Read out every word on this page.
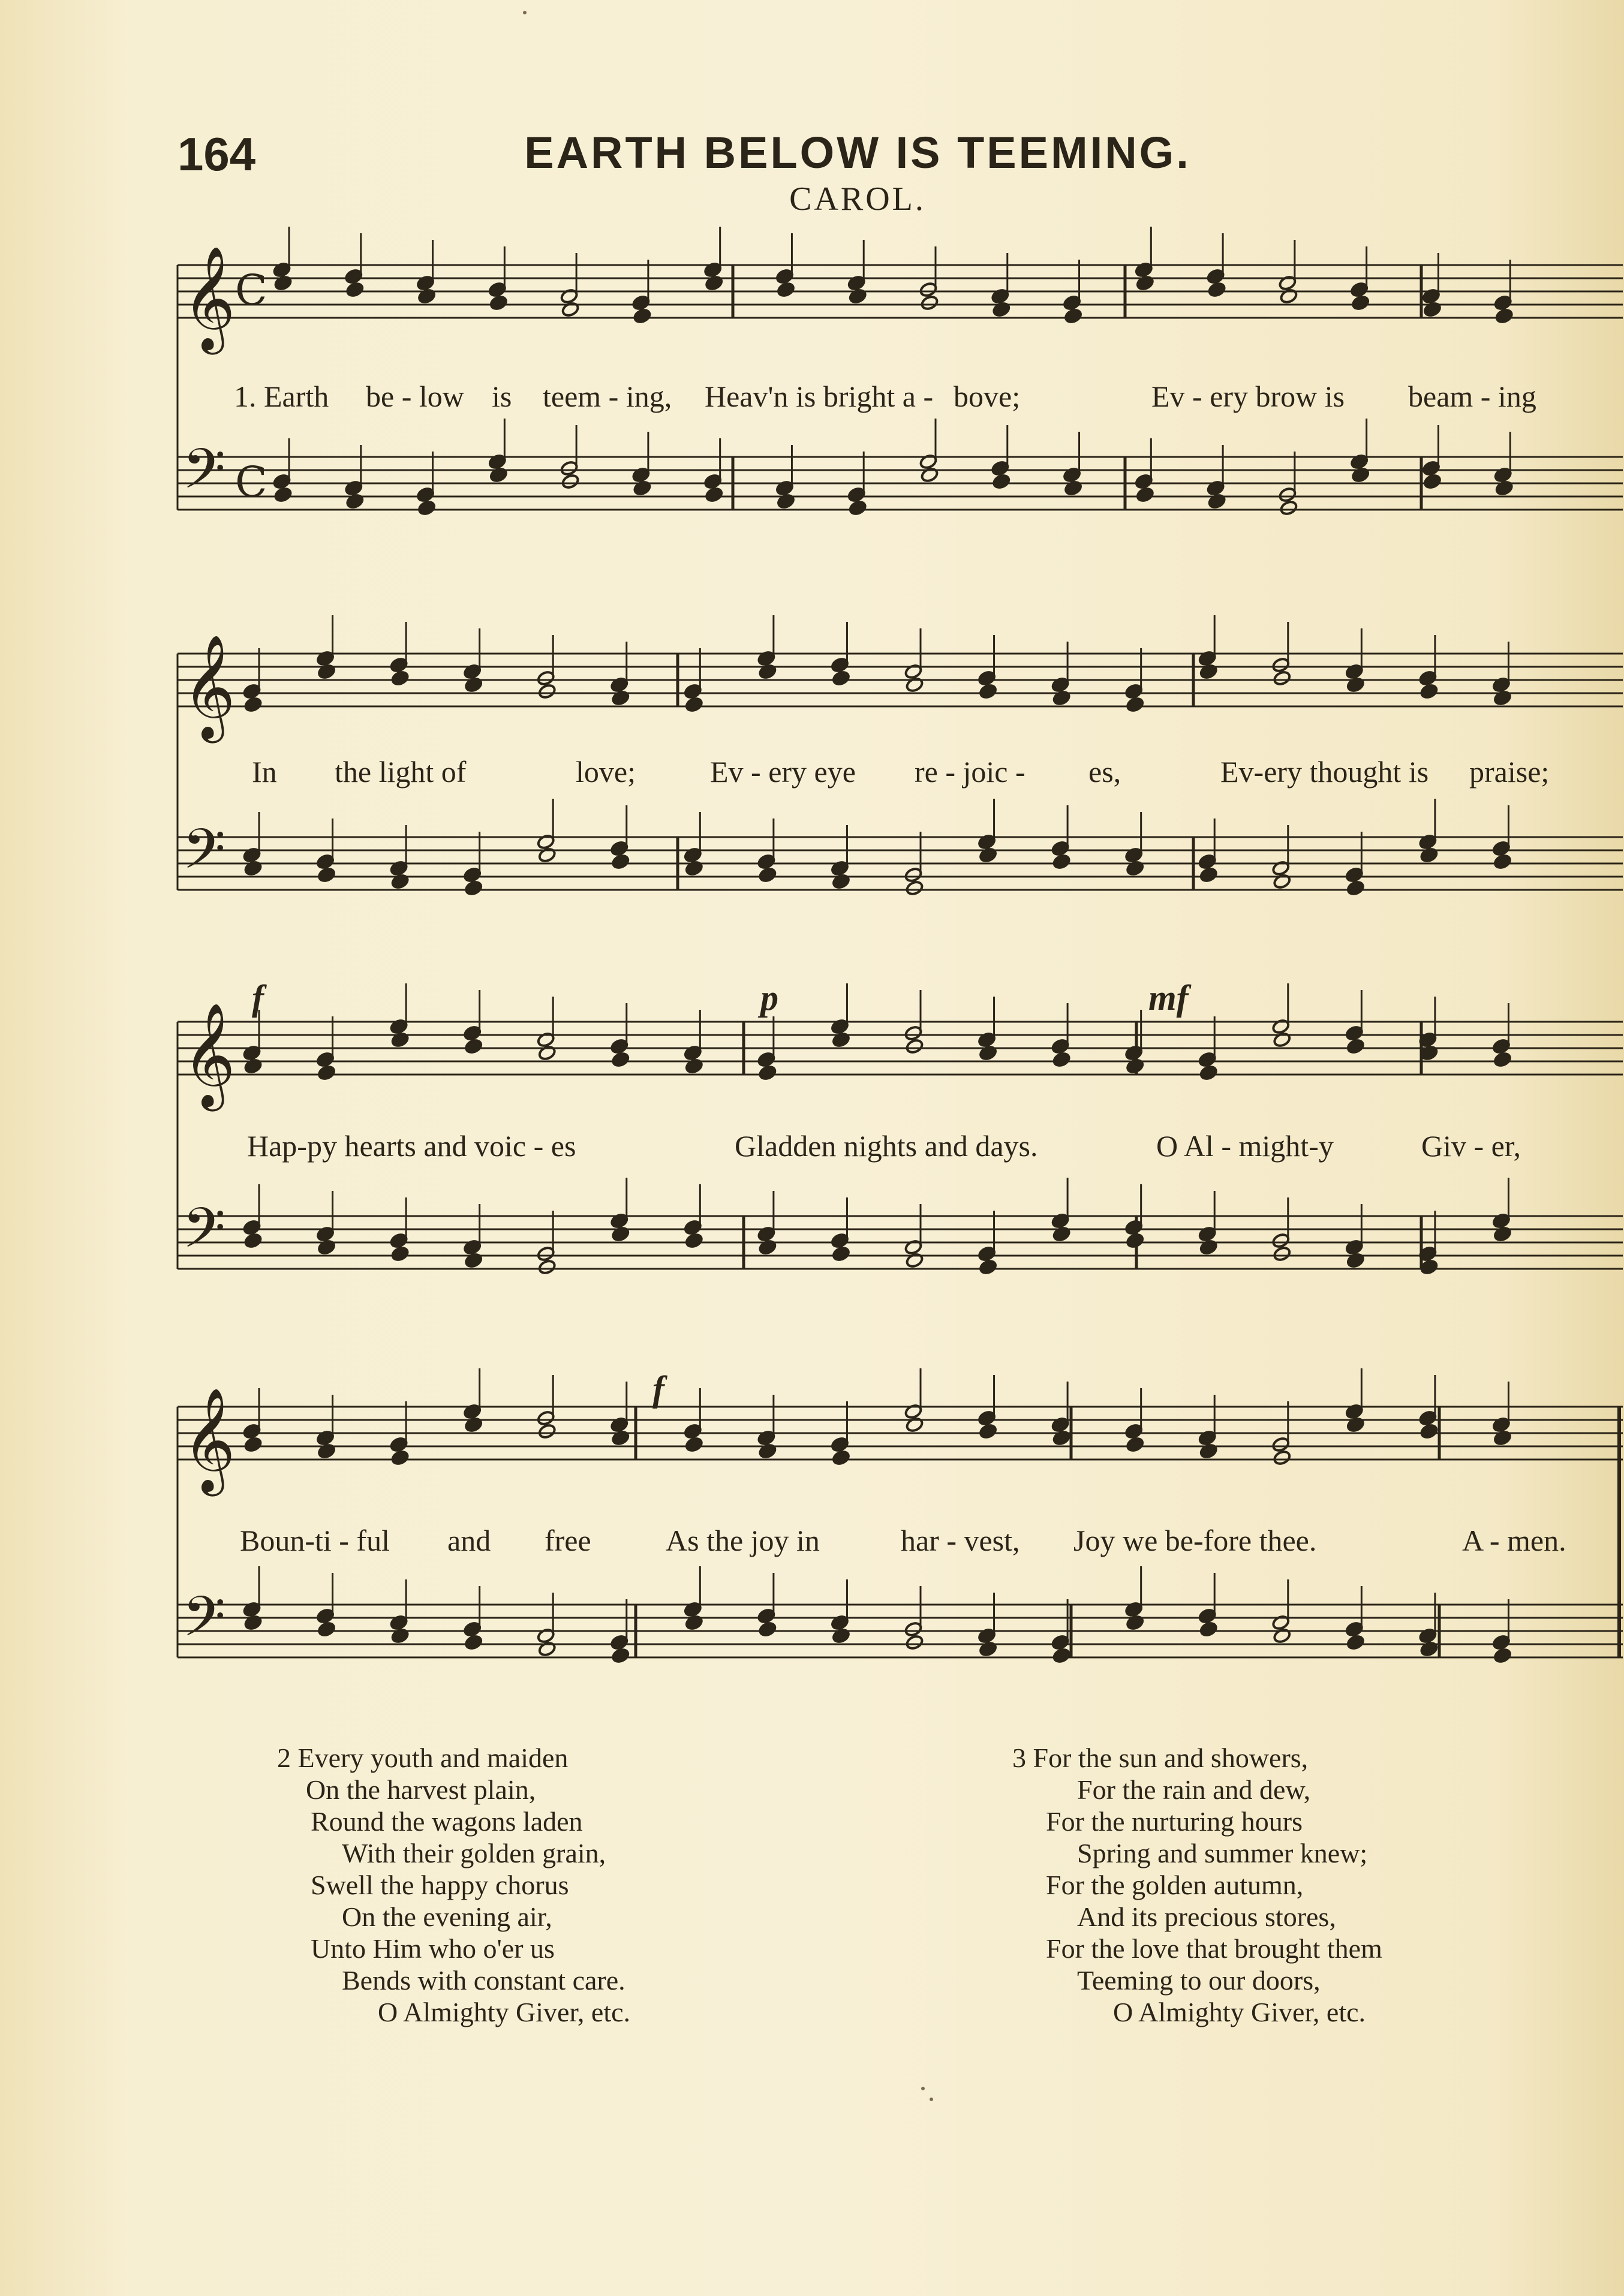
164	EARTH BELOW IS TEEMING.
CAROL.
𝄞 C
𝄢 C
𝄞
𝄢
𝄞
𝄢
𝄞
𝄢
1. Earth be - low is teem - ing, Heav'n is bright a - bove;	Ev - ery brow is beam - ing
In the light of	love; Ev - ery eye re - joic - es,	Ev-ery thought is praise;
f	p	mf
Hap-py hearts and voic - es	Gladden nights and days.	O Al - might-y	Giv - er,
f
Boun-ti - ful and free As the joy in	har - vest, Joy we be-fore thee.	A - men.
2 Every youth and maiden
On the harvest plain,
Round the wagons laden
With their golden grain,
Swell the happy chorus
On the evening air,
Unto Him who o'er us
Bends with constant care.
O Almighty Giver, etc.
3 For the sun and showers,
For the rain and dew,
For the nurturing hours
Spring and summer knew;
For the golden autumn,
And its precious stores,
For the love that brought them
Teeming to our doors,
O Almighty Giver, etc.
